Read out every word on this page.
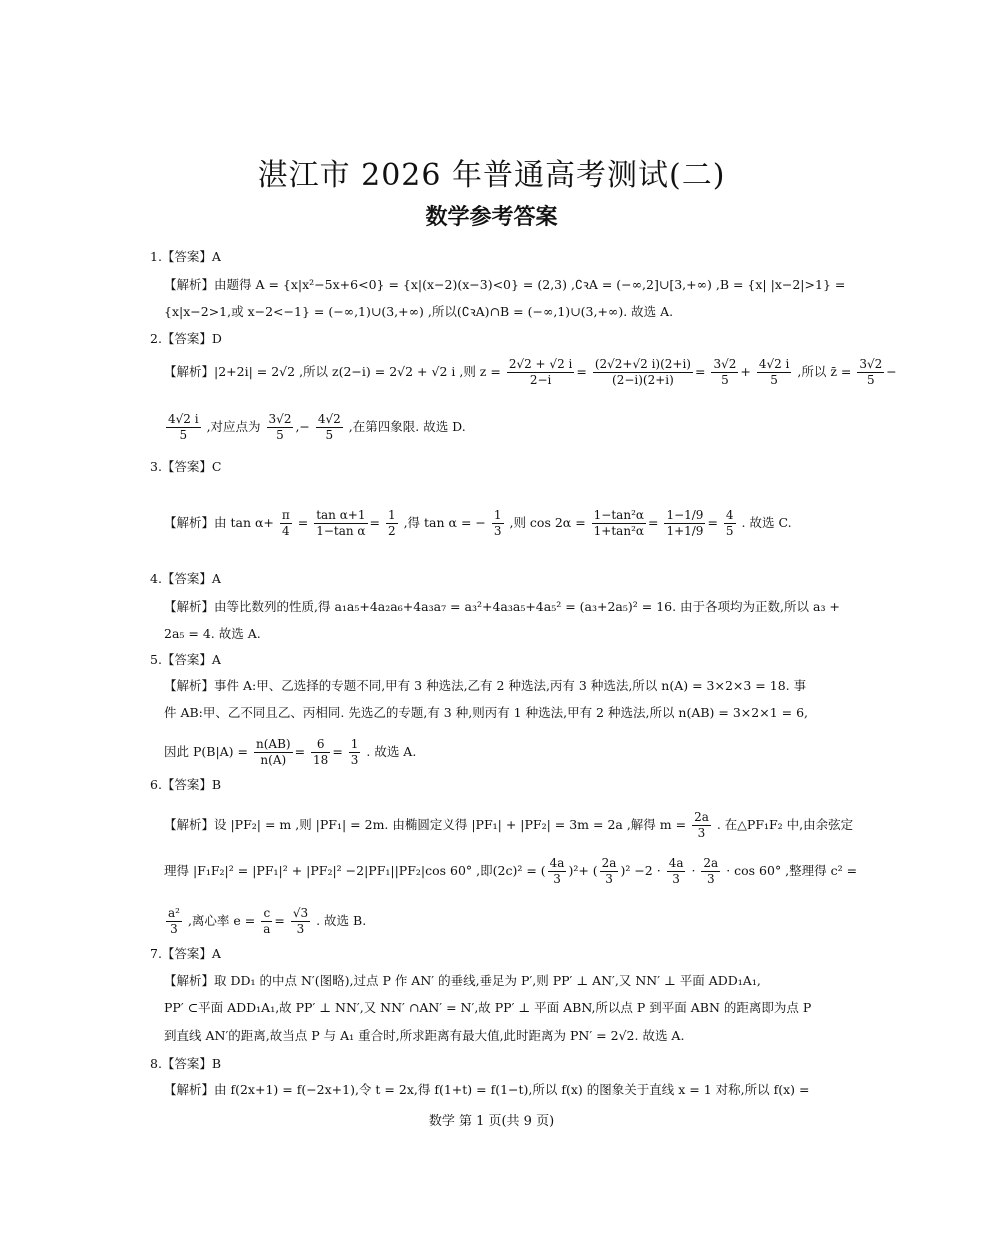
湛江市 2026 年普通高考测试(二)
数学参考答案
1.【答案】A
【解析】由题得 A = {x|x²−5x+6<0} = {x|(x−2)(x−3)<0} = (2,3) ,∁ꝛA = (−∞,2]∪[3,+∞) ,B = {x| |x−2|>1} =
{x|x−2>1,或 x−2<−1} = (−∞,1)∪(3,+∞) ,所以(∁ꝛA)∩B = (−∞,1)∪(3,+∞). 故选 A.
2.【答案】D
【解析】|2+2i| = 2√2 ,所以 z(2−i) = 2√2 + √2 i ,则 $z = \frac{2√2 + √2 i}{2-i} = \frac{(2√2+√2 i)(2+i)}{(2-i)(2+i)} = \frac{3√2}{5} + \frac{4√2 i}{5}$ ,所以 z̄ = $\frac{3√2}{5}$ −
$\frac{4√2 i}{5}$ ,对应点为 $\frac{3√2}{5}$ ,− $\frac{4√2}{5}$ ,在第四象限. 故选 D.
3.【答案】C
【解析】由 $\tan \alpha+ \frac{\pi}{4} = \frac{\text{tan α+1}}{\text{1−tan α}} = \frac{1}{2}$ ,得 tan α = − $\frac{1}{3}$ ,则 $\cos 2\alpha = \frac{\text{1−tan²α}}{\text{1+tan²α}} = \frac{1-1/9}{1+1/9} = \frac{4}{5}$ . 故选 C.
4.【答案】A
【解析】由等比数列的性质,得 a₁a₅+4a₂a₆+4a₃a₇ = a₃²+4a₃a₅+4a₅² = (a₃+2a₅)² = 16. 由于各项均为正数,所以 a₃ +
2a₅ = 4. 故选 A.
5.【答案】A
【解析】事件 A:甲、乙选择的专题不同,甲有 3 种选法,乙有 2 种选法,丙有 3 种选法,所以 n(A) = 3×2×3 = 18. 事
件 AB:甲、乙不同且乙、丙相同. 先选乙的专题,有 3 种,则丙有 1 种选法,甲有 2 种选法,所以 n(AB) = 3×2×1 = 6,
因此 $P(B|A) = \frac{n(AB)}{n(A)} = \frac{6}{18} = \frac{1}{3}$ . 故选 A.
6.【答案】B
【解析】设 |PF₂| = m ,则 |PF₁| = 2m. 由椭圆定义得 |PF₁| + |PF₂| = 3m = 2a ,解得 $m = \frac{2a}{3}$ . 在△PF₁F₂ 中,由余弦定
理得 |F₁F₂|² = |PF₁|² + |PF₂|² −2|PF₁||PF₂|cos 60° ,即(2c)² = ( $\frac{4a}{3} )^2+$ ( $\frac{2a}{3} )^2 -2 \cdot \frac{4a}{3} \cdot \frac{2a}{3} \cdot \cos 60^\circ$ ,整理得 c² =
$\frac{\text{a²}}{3}$ ,离心率 $e = \frac{c}{a} = \frac{√3}{3}$ . 故选 B.
7.【答案】A
【解析】取 DD₁ 的中点 N′(图略),过点 P 作 AN′ 的垂线,垂足为 P′,则 PP′ ⊥ AN′,又 NN′ ⊥ 平面 ADD₁A₁,
PP′ ⊂平面 ADD₁A₁,故 PP′ ⊥ NN′,又 NN′ ∩AN′ = N′,故 PP′ ⊥ 平面 ABN,所以点 P 到平面 ABN 的距离即为点 P
到直线 AN′的距离,故当点 P 与 A₁ 重合时,所求距离有最大值,此时距离为 PN′ = 2√2. 故选 A.
8.【答案】B
【解析】由 f(2x+1) = f(−2x+1),令 t = 2x,得 f(1+t) = f(1−t),所以 f(x) 的图象关于直线 x = 1 对称,所以 f(x) =
数学 第 1 页(共 9 页)
